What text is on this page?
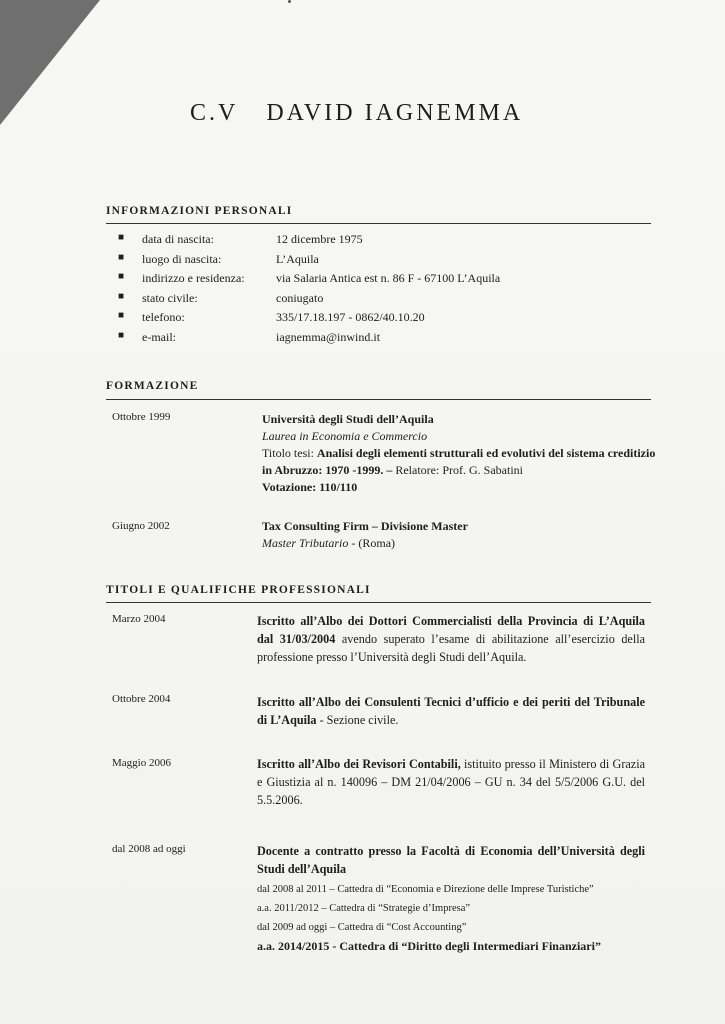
C.V DAVID IAGNEMMA
INFORMAZIONI PERSONALI
■ data di nascita:	12 dicembre 1975
■ luogo di nascita:	L’Aquila
■ indirizzo e residenza:	via Salaria Antica est n. 86 F - 67100 L’Aquila
■ stato civile:	coniugato
■ telefono:	335/17.18.197 - 0862/40.10.20
■ e-mail:	iagnemma@inwind.it
FORMAZIONE
Ottobre 1999	Università degli Studi dell’Aquila
Laurea in Economia e Commercio
Titolo tesi: Analisi degli elementi strutturali ed evolutivi del sistema creditizio in Abruzzo: 1970 -1999. – Relatore: Prof. G. Sabatini
Votazione: 110/110
Giugno 2002	Tax Consulting Firm – Divisione Master
Master Tributario - (Roma)
TITOLI E QUALIFICHE PROFESSIONALI
Marzo 2004	Iscritto all’Albo dei Dottori Commercialisti della Provincia di L’Aquila dal 31/03/2004 avendo superato l’esame di abilitazione all’esercizio della professione presso l’Università degli Studi dell’Aquila.
Ottobre 2004	Iscritto all’Albo dei Consulenti Tecnici d’ufficio e dei periti del Tribunale di L’Aquila - Sezione civile.
Maggio 2006	Iscritto all’Albo dei Revisori Contabili, istituito presso il Ministero di Grazia e Giustizia al n. 140096 – DM 21/04/2006 – GU n. 34 del 5/5/2006 G.U. del 5.5.2006.
dal 2008 ad oggi	Docente a contratto presso la Facoltà di Economia dell’Università degli Studi dell’Aquila
dal 2008 al 2011 – Cattedra di “Economia e Direzione delle Imprese Turistiche”
a.a. 2011/2012 – Cattedra di “Strategie d’Impresa”
dal 2009 ad oggi – Cattedra di “Cost Accounting”
a.a. 2014/2015 - Cattedra di “Diritto degli Intermediari Finanziari”
